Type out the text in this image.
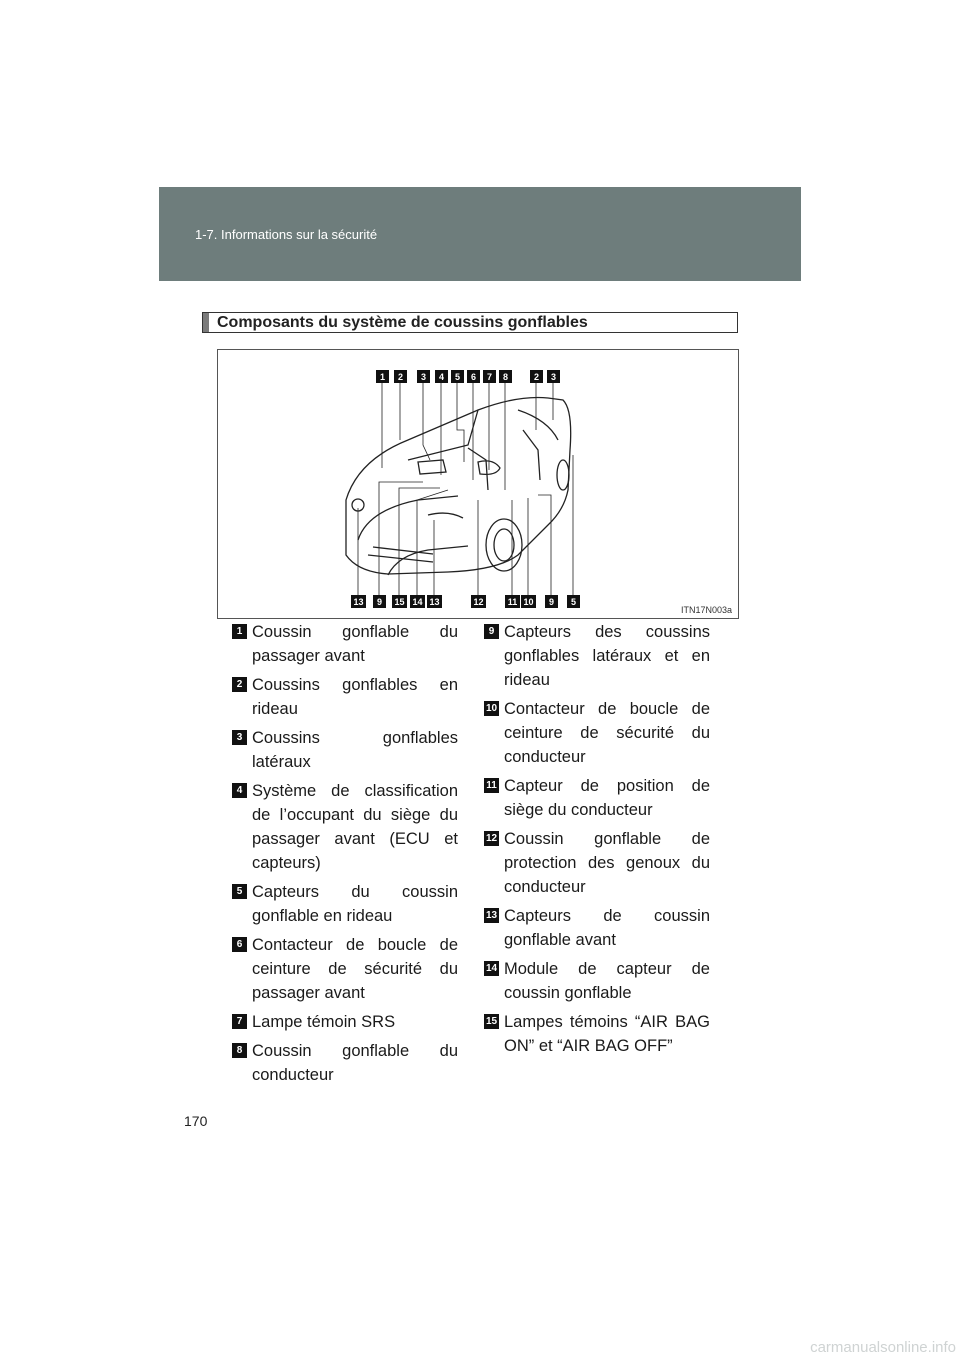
1-7. Informations sur la sécurité
Composants du système de coussins gonflables
1 2 3 4 5 6 7 8	2 3
13 9 15 14 13	12	11 10 9 5
ITN17N003a
1 Coussin gonflable du passager avant
2 Coussins gonflables en rideau
3 Coussins gonflables latéraux
4 Système de classification de l’occupant du siège du passager avant (ECU et capteurs)
5 Capteurs du coussin gonflable en rideau
6 Contacteur de boucle de ceinture de sécurité du passager avant
7 Lampe témoin SRS
8 Coussin gonflable du conducteur
9 Capteurs des coussins gonflables latéraux et en rideau
10 Contacteur de boucle de ceinture de sécurité du conducteur
11 Capteur de position de siège du conducteur
12 Coussin gonflable de protection des genoux du conducteur
13 Capteurs de coussin gonflable avant
14 Module de capteur de coussin gonflable
15 Lampes témoins “AIR BAG ON” et “AIR BAG OFF”
170
carmanualsonline.info
